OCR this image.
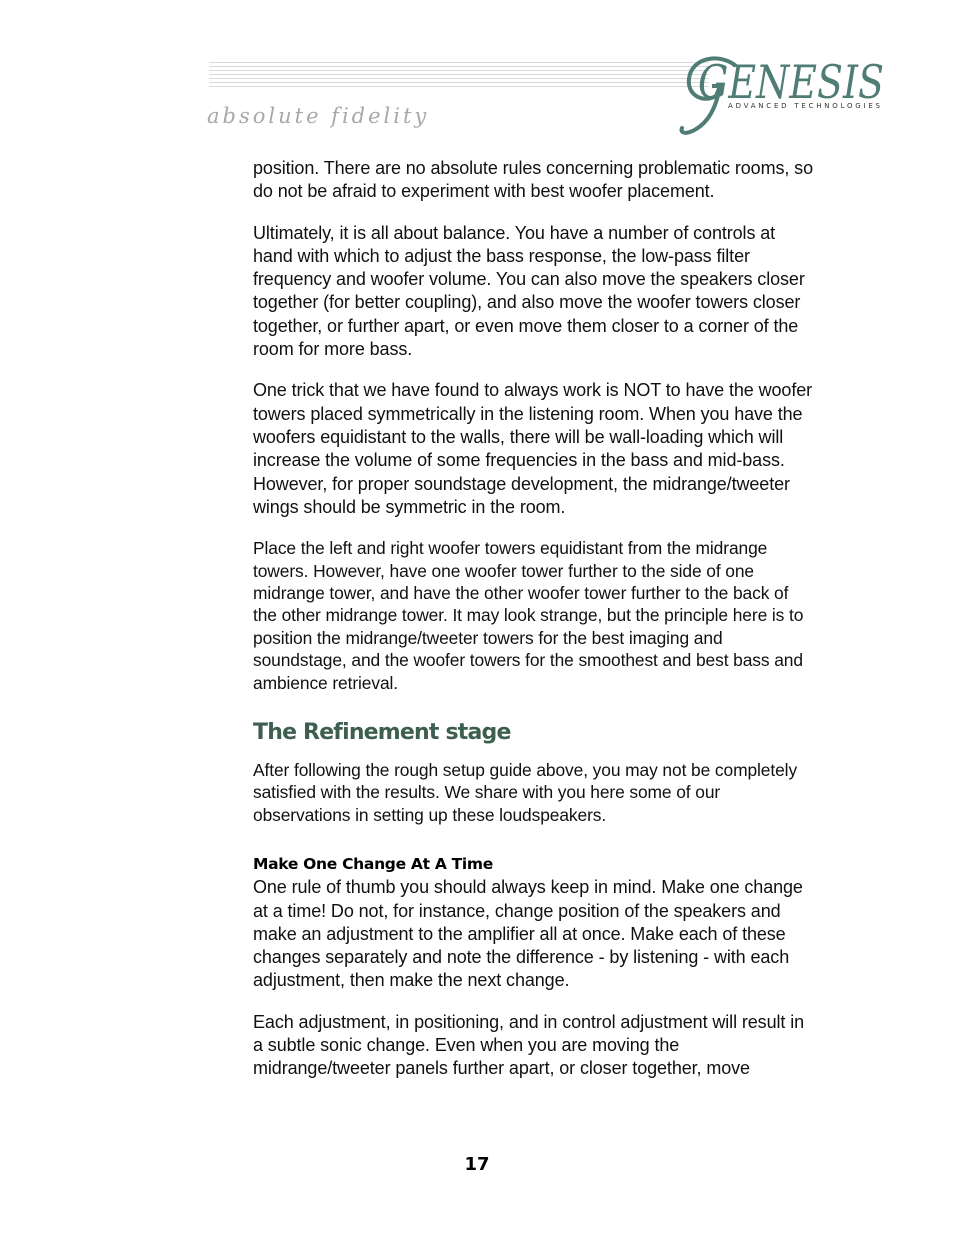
absolute fidelity
GENESIS
ADVANCED TECHNOLOGIES

position. There are no absolute rules concerning problematic rooms, so do not be afraid to experiment with best woofer placement.

Ultimately, it is all about balance. You have a number of controls at hand with which to adjust the bass response, the low-pass filter frequency and woofer volume. You can also move the speakers closer together (for better coupling), and also move the woofer towers closer together, or further apart, or even move them closer to a corner of the room for more bass.

One trick that we have found to always work is NOT to have the woofer towers placed symmetrically in the listening room. When you have the woofers equidistant to the walls, there will be wall-loading which will increase the volume of some frequencies in the bass and mid-bass. However, for proper soundstage development, the midrange/tweeter wings should be symmetric in the room.

Place the left and right woofer towers equidistant from the midrange towers. However, have one woofer tower further to the side of one midrange tower, and have the other woofer tower further to the back of the other midrange tower. It may look strange, but the principle here is to position the midrange/tweeter towers for the best imaging and soundstage, and the woofer towers for the smoothest and best bass and ambience retrieval.

The Refinement stage

After following the rough setup guide above, you may not be completely satisfied with the results. We share with you here some of our observations in setting up these loudspeakers.

Make One Change At A Time

One rule of thumb you should always keep in mind. Make one change at a time! Do not, for instance, change position of the speakers and make an adjustment to the amplifier all at once. Make each of these changes separately and note the difference - by listening - with each adjustment, then make the next change.

Each adjustment, in positioning, and in control adjustment will result in a subtle sonic change. Even when you are moving the midrange/tweeter panels further apart, or closer together, move

17
